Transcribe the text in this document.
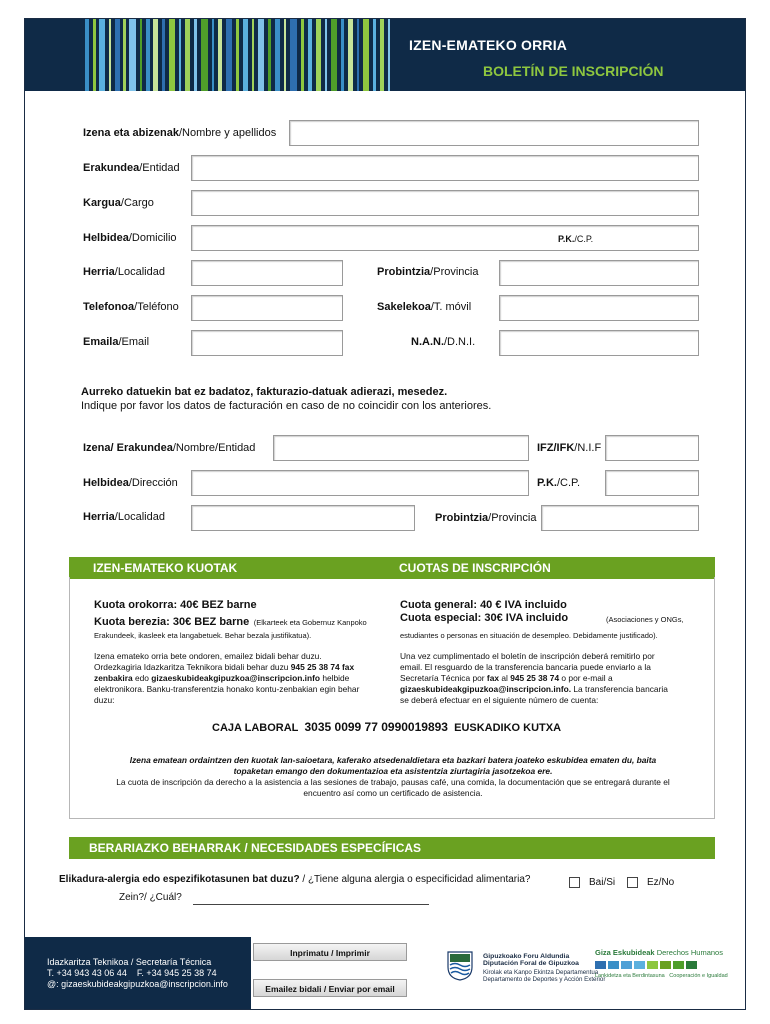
IZEN-EMATEKO ORRIA
BOLETÍN DE INSCRIPCIÓN
Izena eta abizenak/Nombre y apellidos
Erakundea/Entidad
Kargua/Cargo
Helbidea/Domicilio	P.K./C.P.
Herria/Localidad	Probintzia/Provincia
Telefonoa/Teléfono	Sakelekoa/T. móvil
Emaila/Email	N.A.N./D.N.I.
Aurreko datuekin bat ez badatoz, fakturazio-datuak adierazi, mesedez.
Indique por favor los datos de facturación en caso de no coincidir con los anteriores.
Izena/ Erakundea/Nombre/Entidad	IFZ/IFK/N.I.F
Helbidea/Dirección	P.K./C.P.
Herria/Localidad	Probintzia/Provincia
IZEN-EMATEKO KUOTAK	CUOTAS DE INSCRIPCIÓN
Kuota orokorra: 40€ BEZ barne
Kuota berezia: 30€ BEZ barne (Elkarteek eta Gobernuz Kanpoko
Erakundeek, ikasleek eta langabetuek. Behar bezala justifikatua).
Cuota general: 40 € IVA incluido
Cuota especial: 30€ IVA incluido	(Asociaciones y ONGs,
estudiantes o personas en situación de desempleo. Debidamente justificado).
Izena emateko orria bete ondoren, emailez bidali behar duzu.
Ordezkagiria Idazkaritza Teknikora bidali behar duzu 945 25 38 74 fax
zenbakira edo gizaeskubideakgipuzkoa@inscripcion.info helbide
elektronikora. Banku-transferentzia honako kontu-zenbakian egin behar
duzu:
Una vez cumplimentado el boletín de inscripción deberá remitirlo por
email. El resguardo de la transferencia bancaria puede enviarlo a la
Secretaría Técnica por fax al 945 25 38 74 o por e-mail a
gizaeskubideakgipuzkoa@inscripcion.info. La transferencia bancaria
se deberá efectuar en el siguiente número de cuenta:
CAJA LABORAL 3035 0099 77 0990019893 EUSKADIKO KUTXA
Izena ematean ordaintzen den kuotak lan-saioetara, kaferako atsedenaldietara eta bazkari batera joateko eskubidea ematen du, baita
topaketan emango den dokumentazioa eta asistentzia ziurtagiria jasotzekoa ere.
La cuota de inscripción da derecho a la asistencia a las sesiones de trabajo, pausas café, una comida, la documentación que se entregará durante el
encuentro así como un certificado de asistencia.
BERARIAZKO BEHARRAK / NECESIDADES ESPECÍFICAS
Elikadura-alergia edo espezifikotasunen bat duzu? / ¿Tiene alguna alergia o especificidad alimentaria?	Bai/Si	Ez/No
Zein?/ ¿Cuál?
Idazkaritza Teknikoa / Secretaría Técnica
T. +34 943 43 06 44    F. +34 945 25 38 74
@: gizaeskubideakgipuzkoa@inscripcion.info
Inprimatu / Imprimir
Emailez bidali / Enviar por email
Gipuzkoako Foru Aldundia
Diputación Foral de Gipuzkoa
Kirolak eta Kanpo Ekintza Departamentua
Departamento de Deportes y Acción Exterior
Giza Eskubideak Derechos Humanos
Lankidetza eta Berdintasuna   Cooperación e Igualdad
